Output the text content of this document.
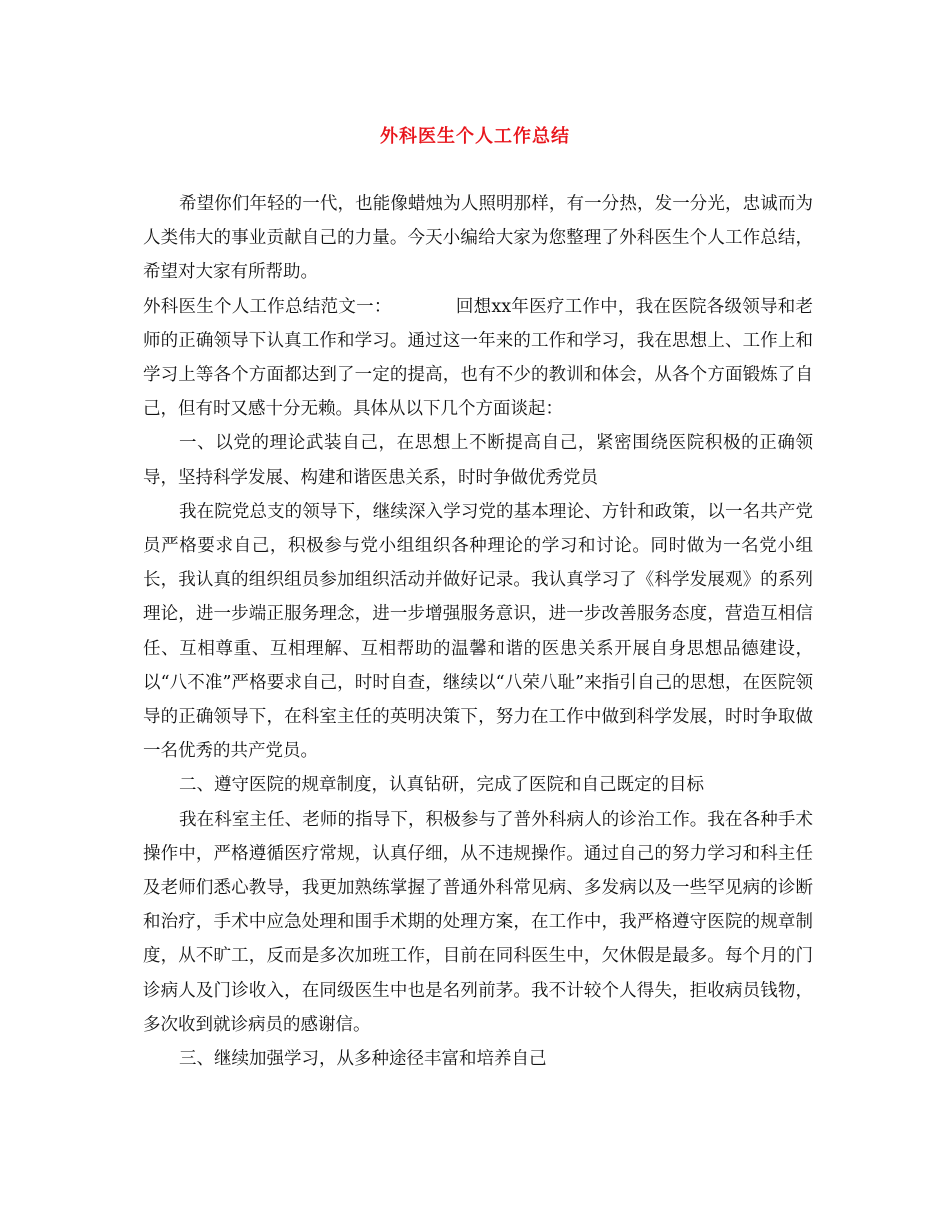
外科医生个人工作总结

希望你们年轻的一代，也能像蜡烛为人照明那样，有一分热，发一分光，忠诚而为人类伟大的事业贡献自己的力量。今天小编给大家为您整理了外科医生个人工作总结，希望对大家有所帮助。

外科医生个人工作总结范文一：	回想xx年医疗工作中，我在医院各级领导和老师的正确领导下认真工作和学习。通过这一年来的工作和学习，我在思想上、工作上和学习上等各个方面都达到了一定的提高，也有不少的教训和体会，从各个方面锻炼了自己，但有时又感十分无赖。具体从以下几个方面谈起：

一、以党的理论武装自己，在思想上不断提高自己，紧密围绕医院积极的正确领导，坚持科学发展、构建和谐医患关系，时时争做优秀党员

我在院党总支的领导下，继续深入学习党的基本理论、方针和政策，以一名共产党员严格要求自己，积极参与党小组组织各种理论的学习和讨论。同时做为一名党小组长，我认真的组织组员参加组织活动并做好记录。我认真学习了《科学发展观》的系列理论，进一步端正服务理念，进一步增强服务意识，进一步改善服务态度，营造互相信任、互相尊重、互相理解、互相帮助的温馨和谐的医患关系开展自身思想品德建设，以“八不准”严格要求自己，时时自查，继续以“八荣八耻”来指引自己的思想，在医院领导的正确领导下，在科室主任的英明决策下，努力在工作中做到科学发展，时时争取做一名优秀的共产党员。

二、遵守医院的规章制度，认真钻研，完成了医院和自己既定的目标

我在科室主任、老师的指导下，积极参与了普外科病人的诊治工作。我在各种手术操作中，严格遵循医疗常规，认真仔细，从不违规操作。通过自己的努力学习和科主任及老师们悉心教导，我更加熟练掌握了普通外科常见病、多发病以及一些罕见病的诊断和治疗，手术中应急处理和围手术期的处理方案，在工作中，我严格遵守医院的规章制度，从不旷工，反而是多次加班工作，目前在同科医生中，欠休假是最多。每个月的门诊病人及门诊收入，在同级医生中也是名列前茅。我不计较个人得失，拒收病员钱物，多次收到就诊病员的感谢信。

三、继续加强学习，从多种途径丰富和培养自己
